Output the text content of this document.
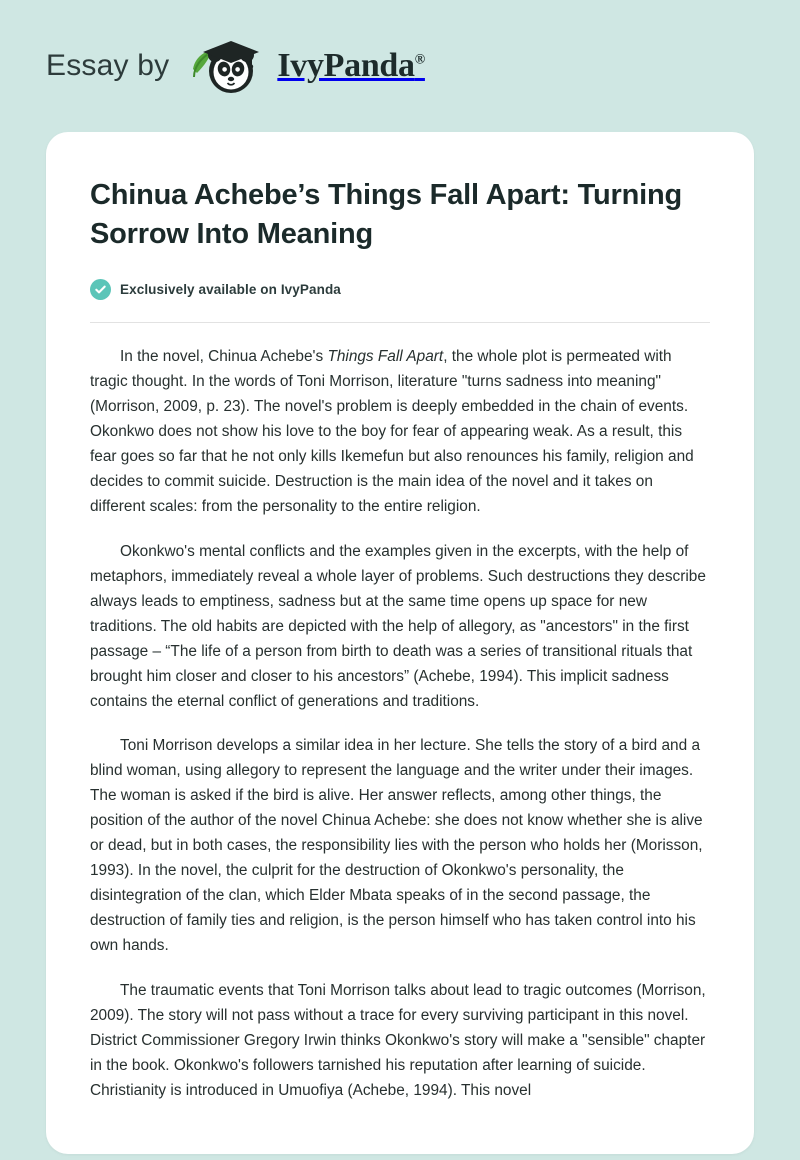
Essay by	IvyPanda®
Chinua Achebe’s Things Fall Apart: Turning Sorrow Into Meaning
Exclusively available on IvyPanda

In the novel, Chinua Achebe's Things Fall Apart, the whole plot is permeated with tragic thought. In the words of Toni Morrison, literature "turns sadness into meaning" (Morrison, 2009, p. 23). The novel's problem is deeply embedded in the chain of events. Okonkwo does not show his love to the boy for fear of appearing weak. As a result, this fear goes so far that he not only kills Ikemefun but also renounces his family, religion and decides to commit suicide. Destruction is the main idea of the novel and it takes on different scales: from the personality to the entire religion.

Okonkwo's mental conflicts and the examples given in the excerpts, with the help of metaphors, immediately reveal a whole layer of problems. Such destructions they describe always leads to emptiness, sadness but at the same time opens up space for new traditions. The old habits are depicted with the help of allegory, as "ancestors" in the first passage – “The life of a person from birth to death was a series of transitional rituals that brought him closer and closer to his ancestors” (Achebe, 1994). This implicit sadness contains the eternal conflict of generations and traditions.

Toni Morrison develops a similar idea in her lecture. She tells the story of a bird and a blind woman, using allegory to represent the language and the writer under their images. The woman is asked if the bird is alive. Her answer reflects, among other things, the position of the author of the novel Chinua Achebe: she does not know whether she is alive or dead, but in both cases, the responsibility lies with the person who holds her (Morisson, 1993). In the novel, the culprit for the destruction of Okonkwo's personality, the disintegration of the clan, which Elder Mbata speaks of in the second passage, the destruction of family ties and religion, is the person himself who has taken control into his own hands.

The traumatic events that Toni Morrison talks about lead to tragic outcomes (Morrison, 2009). The story will not pass without a trace for every surviving participant in this novel. District Commissioner Gregory Irwin thinks Okonkwo's story will make a "sensible" chapter in the book. Okonkwo's followers tarnished his reputation after learning of suicide. Christianity is introduced in Umuofiya (Achebe, 1994). This novel
